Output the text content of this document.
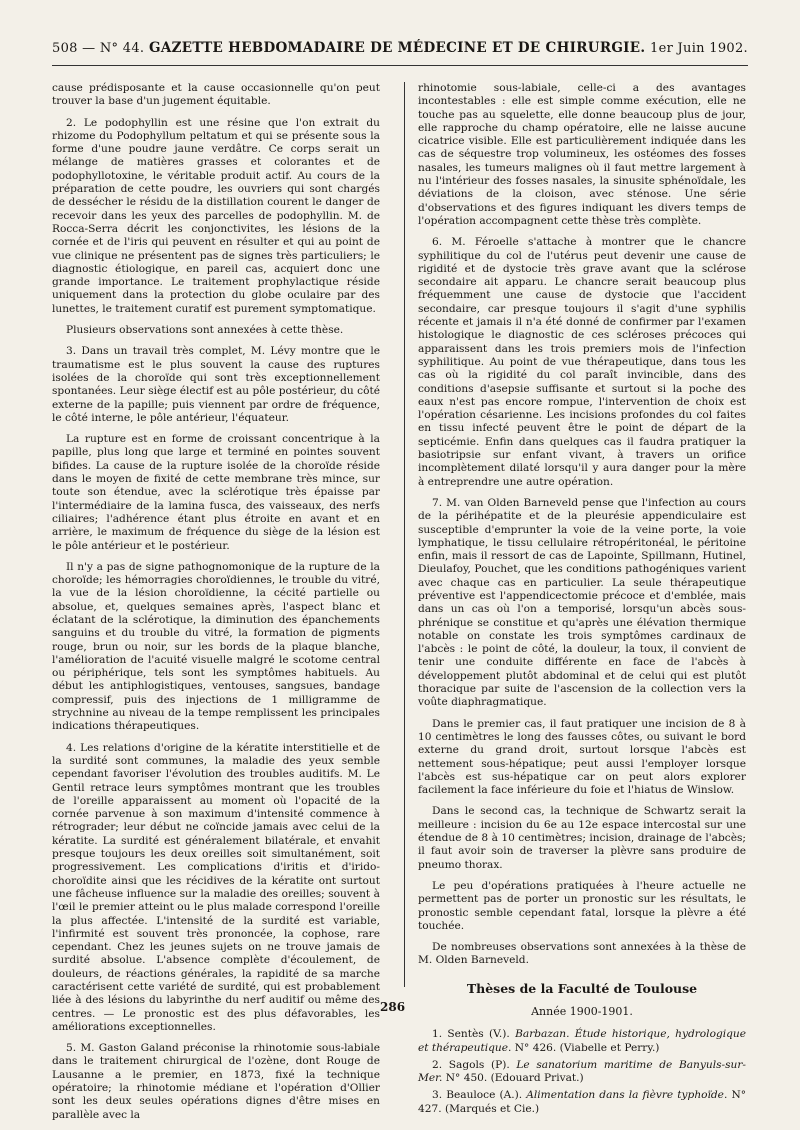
508 — N° 44. GAZETTE HEBDOMADAIRE DE MÉDECINE ET DE CHIRURGIE. 1er Juin 1902.

cause prédisposante et la cause occasionnelle qu'on peut trouver la base d'un jugement équitable.

2. Le podophyllin est une résine que l'on extrait du rhizome du Podophyllum peltatum et qui se présente sous la forme d'une poudre jaune verdâtre. Ce corps serait un mélange de matières grasses et colorantes et de podophyllotoxine, le véritable produit actif. Au cours de la préparation de cette poudre, les ouvriers qui sont chargés de dessécher le résidu de la distillation courent le danger de recevoir dans les yeux des parcelles de podophyllin. M. de Rocca-Serra décrit les conjonctivites, les lésions de la cornée et de l'iris qui peuvent en résulter et qui au point de vue clinique ne présentent pas de signes très particuliers; le diagnostic étiologique, en pareil cas, acquiert donc une grande importance. Le traitement prophylactique réside uniquement dans la protection du globe oculaire par des lunettes, le traitement curatif est purement symptomatique.

Plusieurs observations sont annexées à cette thèse.

3. Dans un travail très complet, M. Lévy montre que le traumatisme est le plus souvent la cause des ruptures isolées de la choroïde qui sont très exceptionnellement spontanées. Leur siège électif est au pôle postérieur, du côté externe de la papille; puis viennent par ordre de fréquence, le côté interne, le pôle antérieur, l'équateur.

La rupture est en forme de croissant concentrique à la papille, plus long que large et terminé en pointes souvent bifides. La cause de la rupture isolée de la choroïde réside dans le moyen de fixité de cette membrane très mince, sur toute son étendue, avec la sclérotique très épaisse par l'intermédiaire de la lamina fusca, des vaisseaux, des nerfs ciliaires; l'adhérence étant plus étroite en avant et en arrière, le maximum de fréquence du siège de la lésion est le pôle antérieur et le postérieur.

Il n'y a pas de signe pathognomonique de la rupture de la choroïde; les hémorragies choroïdiennes, le trouble du vitré, la vue de la lésion choroïdienne, la cécité partielle ou absolue, et, quelques semaines après, l'aspect blanc et éclatant de la sclérotique, la diminution des épanchements sanguins et du trouble du vitré, la formation de pigments rouge, brun ou noir, sur les bords de la plaque blanche, l'amélioration de l'acuité visuelle malgré le scotome central ou périphérique, tels sont les symptômes habituels. Au début les antiphlogistiques, ventouses, sangsues, bandage compressif, puis des injections de 1 milligramme de strychnine au niveau de la tempe remplissent les principales indications thérapeutiques.

4. Les relations d'origine de la kératite interstitielle et de la surdité sont communes, la maladie des yeux semble cependant favoriser l'évolution des troubles auditifs. M. Le Gentil retrace leurs symptômes montrant que les troubles de l'oreille apparaissent au moment où l'opacité de la cornée parvenue à son maximum d'intensité commence à rétrograder; leur début ne coïncide jamais avec celui de la kératite. La surdité est généralement bilatérale, et envahit presque toujours les deux oreilles soit simultanément, soit progressivement. Les complications d'iritis et d'irido-choroïdite ainsi que les récidives de la kératite ont surtout une fâcheuse influence sur la maladie des oreilles; souvent à l'œil le premier atteint ou le plus malade correspond l'oreille la plus affectée. L'intensité de la surdité est variable, l'infirmité est souvent très prononcée, la cophose, rare cependant. Chez les jeunes sujets on ne trouve jamais de surdité absolue. L'absence complète d'écoulement, de douleurs, de réactions générales, la rapidité de sa marche caractérisent cette variété de surdité, qui est probablement liée à des lésions du labyrinthe du nerf auditif ou même des centres. — Le pronostic est des plus défavorables, les améliorations exceptionnelles.

5. M. Gaston Galand préconise la rhinotomie sous-labiale dans le traitement chirurgical de l'ozène, dont Rouge de Lausanne a le premier, en 1873, fixé la technique opératoire; la rhinotomie médiane et l'opération d'Ollier sont les deux seules opérations dignes d'être mises en parallèle avec la

rhinotomie sous-labiale, celle-ci a des avantages incontestables : elle est simple comme exécution, elle ne touche pas au squelette, elle donne beaucoup plus de jour, elle rapproche du champ opératoire, elle ne laisse aucune cicatrice visible. Elle est particulièrement indiquée dans les cas de séquestre trop volumineux, les ostéomes des fosses nasales, les tumeurs malignes où il faut mettre largement à nu l'intérieur des fosses nasales, la sinusite sphénoïdale, les déviations de la cloison, avec sténose. Une série d'observations et des figures indiquant les divers temps de l'opération accompagnent cette thèse très complète.

6. M. Féroelle s'attache à montrer que le chancre syphilitique du col de l'utérus peut devenir une cause de rigidité et de dystocie très grave avant que la sclérose secondaire ait apparu. Le chancre serait beaucoup plus fréquemment une cause de dystocie que l'accident secondaire, car presque toujours il s'agit d'une syphilis récente et jamais il n'a été donné de confirmer par l'examen histologique le diagnostic de ces scléroses précoces qui apparaissent dans les trois premiers mois de l'infection syphilitique. Au point de vue thérapeutique, dans tous les cas où la rigidité du col paraît invincible, dans des conditions d'asepsie suffisante et surtout si la poche des eaux n'est pas encore rompue, l'intervention de choix est l'opération césarienne. Les incisions profondes du col faites en tissu infecté peuvent être le point de départ de la septicémie. Enfin dans quelques cas il faudra pratiquer la basiotripsie sur enfant vivant, à travers un orifice incomplètement dilaté lorsqu'il y aura danger pour la mère à entreprendre une autre opération.

7. M. van Olden Barneveld pense que l'infection au cours de la périhépatite et de la pleurésie appendiculaire est susceptible d'emprunter la voie de la veine porte, la voie lymphatique, le tissu cellulaire rétropéritonéal, le péritoine enfin, mais il ressort de cas de Lapointe, Spillmann, Hutinel, Dieulafoy, Pouchet, que les conditions pathogéniques varient avec chaque cas en particulier. La seule thérapeutique préventive est l'appendicectomie précoce et d'emblée, mais dans un cas où l'on a temporisé, lorsqu'un abcès sous-phrénique se constitue et qu'après une élévation thermique notable on constate les trois symptômes cardinaux de l'abcès : le point de côté, la douleur, la toux, il convient de tenir une conduite différente en face de l'abcès à développement plutôt abdominal et de celui qui est plutôt thoracique par suite de l'ascension de la collection vers la voûte diaphragmatique.

Dans le premier cas, il faut pratiquer une incision de 8 à 10 centimètres le long des fausses côtes, ou suivant le bord externe du grand droit, surtout lorsque l'abcès est nettement sous-hépatique; peut aussi l'employer lorsque l'abcès est sus-hépatique car on peut alors explorer facilement la face inférieure du foie et l'hiatus de Winslow.

Dans le second cas, la technique de Schwartz serait la meilleure : incision du 6e au 12e espace intercostal sur une étendue de 8 à 10 centimètres; incision, drainage de l'abcès; il faut avoir soin de traverser la plèvre sans produire de pneumo thorax.

Le peu d'opérations pratiquées à l'heure actuelle ne permettent pas de porter un pronostic sur les résultats, le pronostic semble cependant fatal, lorsque la plèvre a été touchée.

De nombreuses observations sont annexées à la thèse de M. Olden Barneveld.

Thèses de la Faculté de Toulouse

Année 1900-1901.

1. Sentès (V.). Barbazan. Étude historique, hydrologique et thérapeutique. N° 426. (Viabelle et Perry.)

2. Sagols (P). Le sanatorium maritime de Banyuls-sur-Mer. N° 450. (Edouard Privat.)

3. Beauloce (A.). Alimentation dans la fièvre typhoïde. N° 427. (Marqués et Cie.)

286
